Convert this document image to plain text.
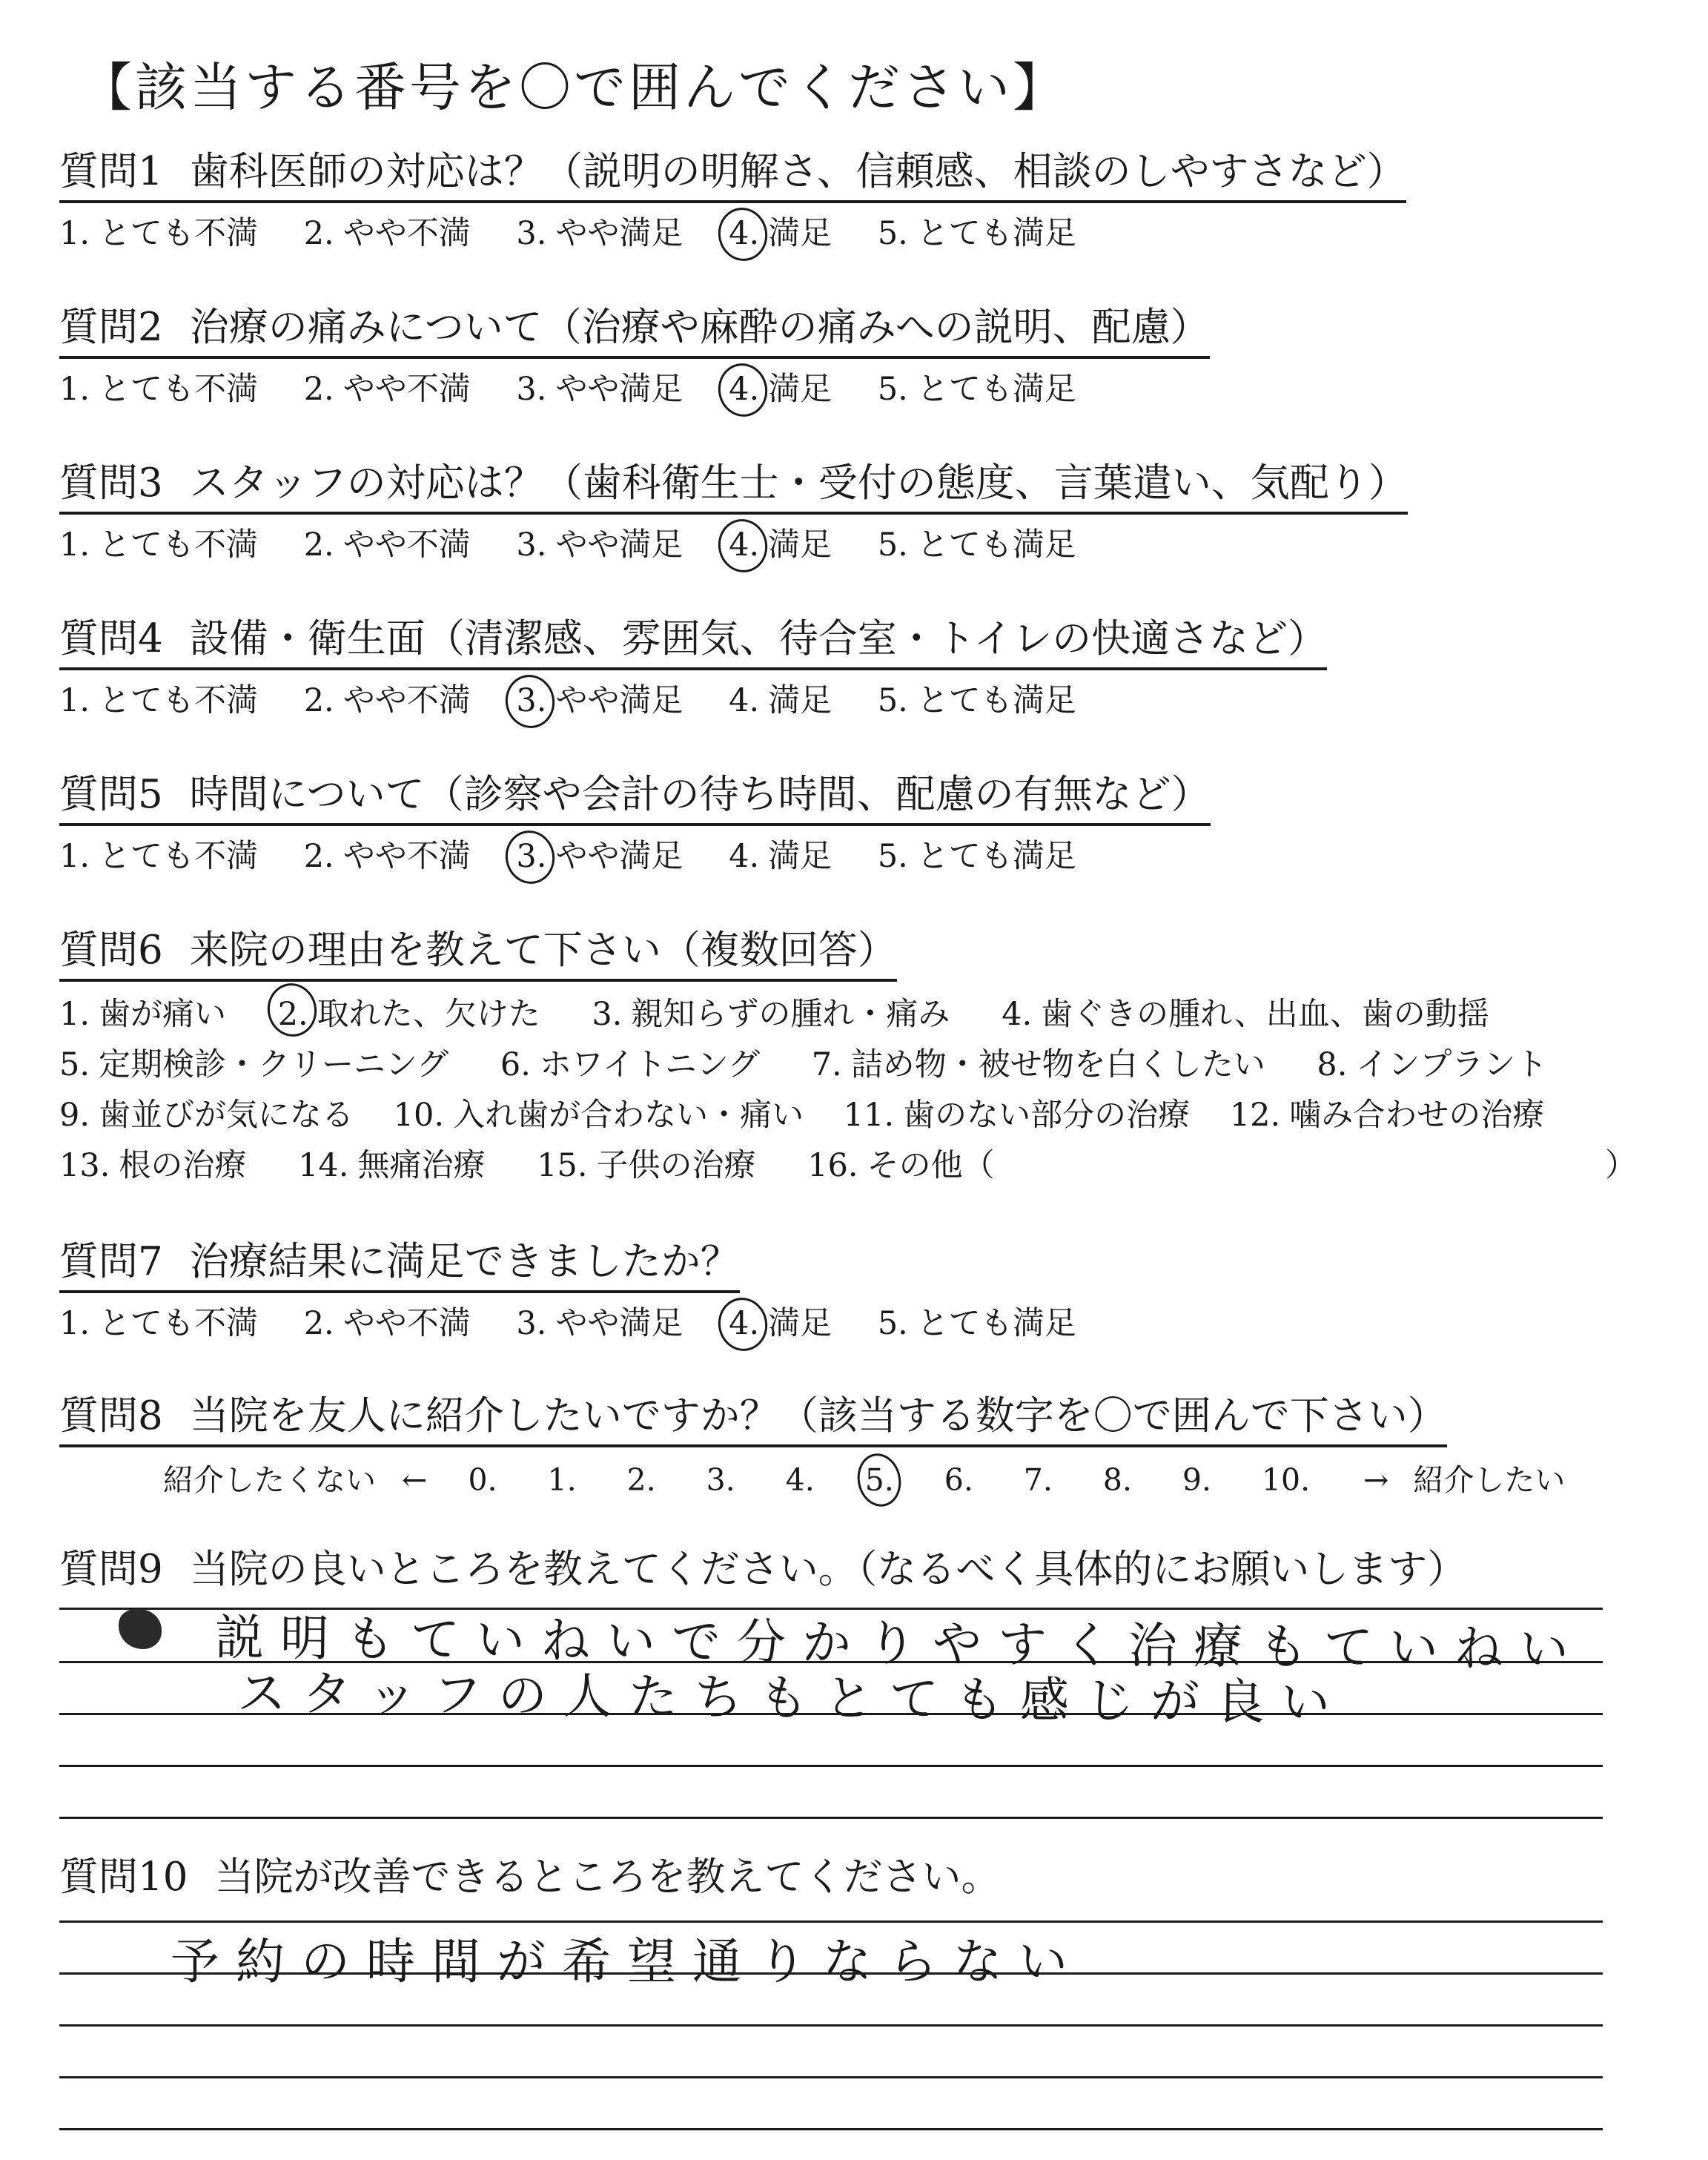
【該当する番号を〇で囲んでください】
質問1 歯科医師の対応は？（説明の明解さ、信頼感、相談のしやすさなど）
1. とても不満 2. やや不満 3. やや満足 4. 満足 5. とても満足
質問2 治療の痛みについて（治療や麻酔の痛みへの説明、配慮）
1. とても不満 2. やや不満 3. やや満足 4. 満足 5. とても満足
質問3 スタッフの対応は？（歯科衛生士・受付の態度、言葉遣い、気配り）
1. とても不満 2. やや不満 3. やや満足 4. 満足 5. とても満足
質問4 設備・衛生面（清潔感、雰囲気、待合室・トイレの快適さなど）
1. とても不満 2. やや不満 3. やや満足 4. 満足 5. とても満足
質問5 時間について（診察や会計の待ち時間、配慮の有無など）
1. とても不満 2. やや不満 3. やや満足 4. 満足 5. とても満足
質問6 来院の理由を教えて下さい（複数回答）
1. 歯が痛い 2. 取れた、欠けた 3. 親知らずの腫れ・痛み 4. 歯ぐきの腫れ、出血、歯の動揺
5. 定期検診・クリーニング 6. ホワイトニング 7. 詰め物・被せ物を白くしたい 8. インプラント
9. 歯並びが気になる 10. 入れ歯が合わない・痛い 11. 歯のない部分の治療 12. 噛み合わせの治療
13. 根の治療 14. 無痛治療 15. 子供の治療 16. その他（	）
質問7 治療結果に満足できましたか？
1. とても不満 2. やや不満 3. やや満足 4. 満足 5. とても満足
質問8 当院を友人に紹介したいですか？（該当する数字を〇で囲んで下さい）
紹介したくない ← 0. 1. 2. 3. 4. 5. 6. 7. 8. 9. 10. → 紹介したい
質問9 当院の良いところを教えてください。（なるべく具体的にお願いします）
説明もていねいで分かりやすく治療もていねい
スタッフの人たちもとても感じが良い
質問10 当院が改善できるところを教えてください。
予約の時間が希望通りならない
